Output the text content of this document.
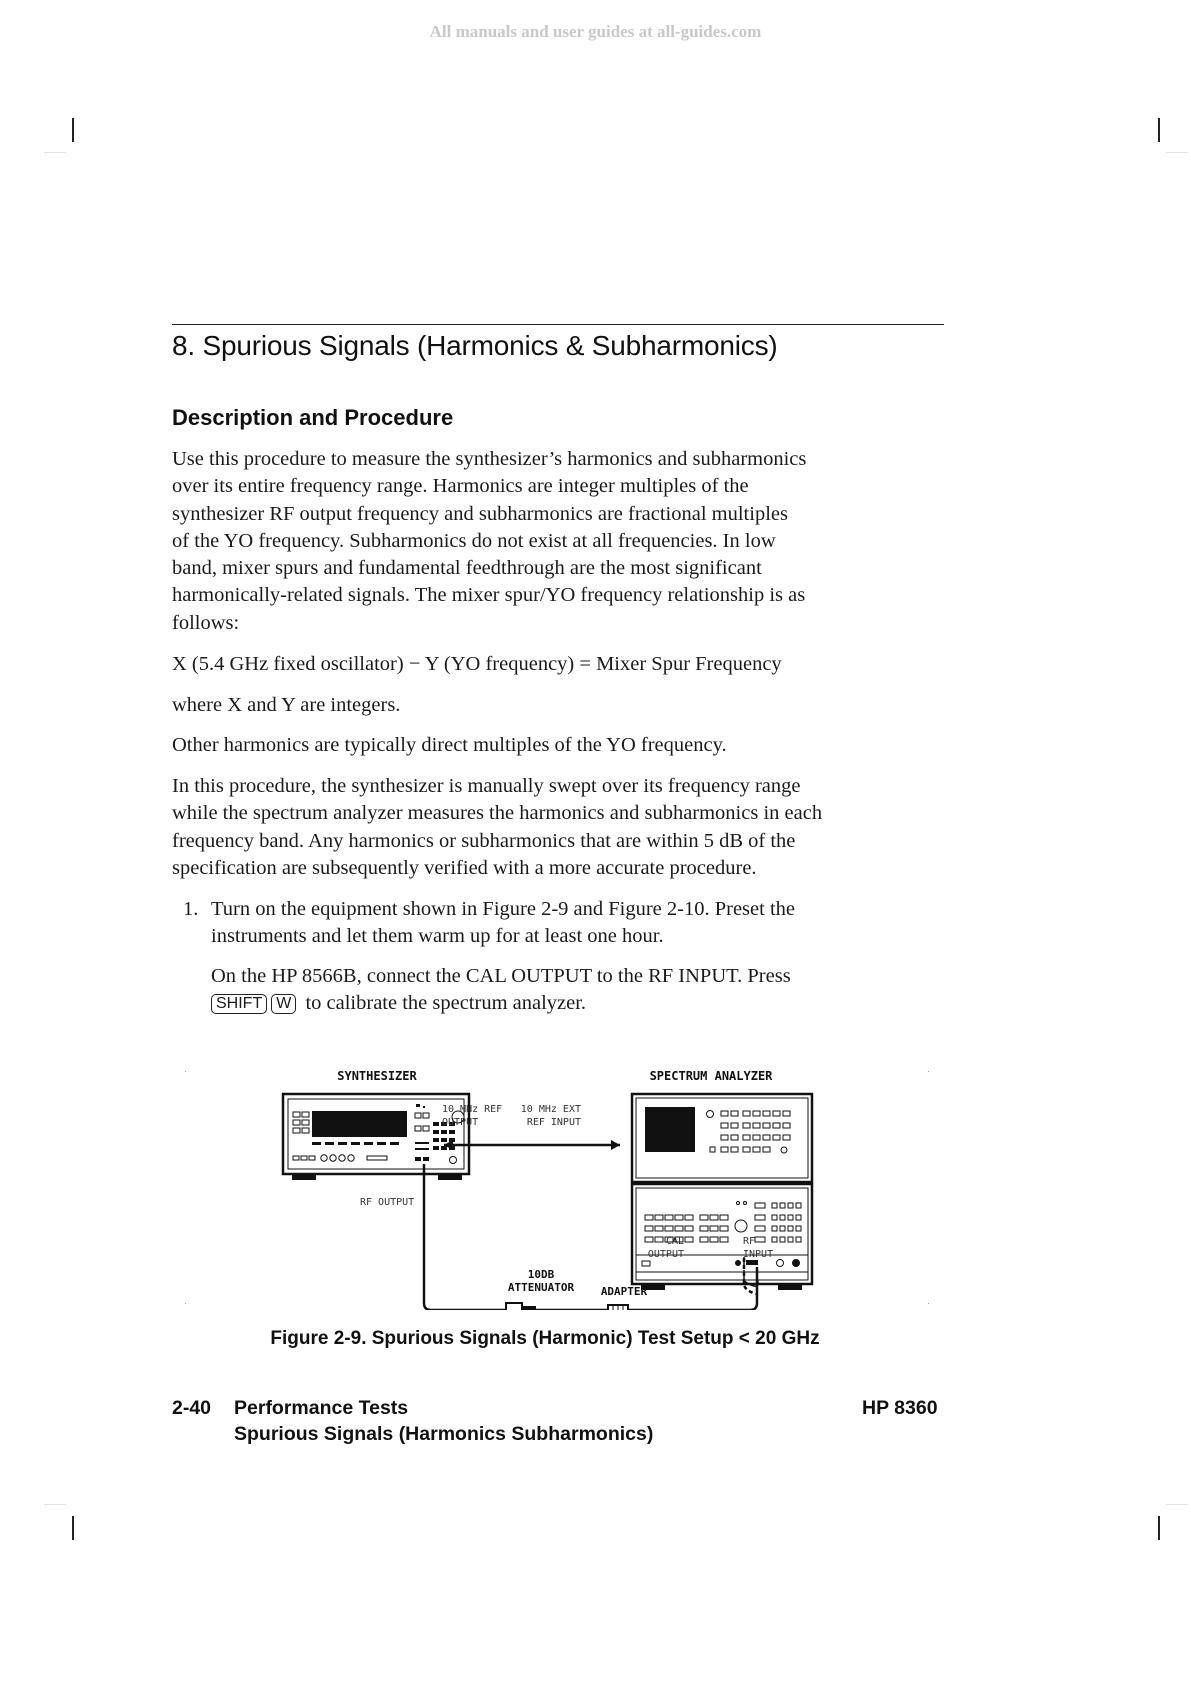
All manuals and user guides at all-guides.com
8. Spurious Signals (Harmonics & Subharmonics)
Description and Procedure
Use this procedure to measure the synthesizer’s harmonics and subharmonics
over its entire frequency range. Harmonics are integer multiples of the
synthesizer RF output frequency and subharmonics are fractional multiples
of the YO frequency. Subharmonics do not exist at all frequencies. In low
band, mixer spurs and fundamental feedthrough are the most significant
harmonically-related signals. The mixer spur/YO frequency relationship is as
follows:
X (5.4 GHz fixed oscillator) − Y (YO frequency) = Mixer Spur Frequency
where X and Y are integers.
Other harmonics are typically direct multiples of the YO frequency.
In this procedure, the synthesizer is manually swept over its frequency range
while the spectrum analyzer measures the harmonics and subharmonics in each
frequency band. Any harmonics or subharmonics that are within 5 dB of the
specification are subsequently verified with a more accurate procedure.
1. Turn on the equipment shown in Figure 2-9 and Figure 2-10. Preset the
instruments and let them warm up for at least one hour.
On the HP 8566B, connect the CAL OUTPUT to the RF INPUT. Press
SHIFT W to calibrate the spectrum analyzer.
SYNTHESIZER	SPECTRUM ANALYZER
10 MHz REF
OUTPUT
10 MHz EXT
REF INPUT
RF OUTPUT
CAL
OUTPUT
RF
INPUT
10DB
ATTENUATOR ADAPTER
Figure 2-9. Spurious Signals (Harmonic) Test Setup < 20 GHz
2-40 Performance Tests
Spurious Signals (Harmonics Subharmonics)
HP 8360
